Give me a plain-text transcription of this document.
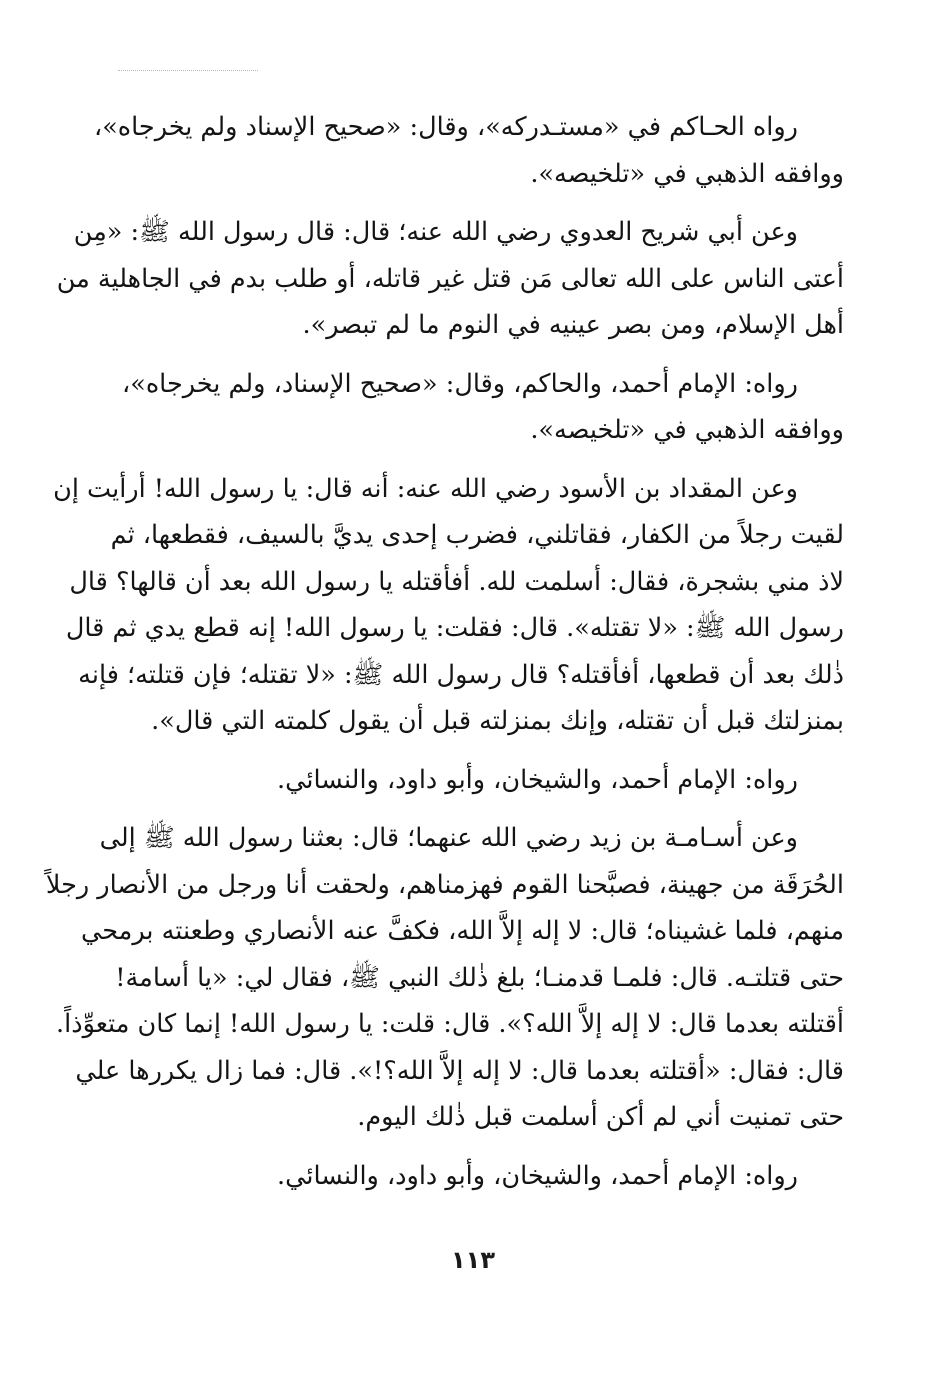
رواه الحـاكم في «مستـدركه»، وقال: «صحيح الإسناد ولم يخرجاه»،
ووافقه الذهبي في «تلخيصه».
وعن أبي شريح العدوي رضي الله عنه؛ قال: قال رسول الله ﷺ: «مِن
أعتى الناس على الله تعالى مَن قتل غير قاتله، أو طلب بدم في الجاهلية من
أهل الإسلام، ومن بصر عينيه في النوم ما لم تبصر».
رواه: الإمام أحمد، والحاكم، وقال: «صحيح الإسناد، ولم يخرجاه»،
ووافقه الذهبي في «تلخيصه».
وعن المقداد بن الأسود رضي الله عنه: أنه قال: يا رسول الله! أرأيت إن
لقيت رجلاً من الكفار، فقاتلني، فضرب إحدى يديَّ بالسيف، فقطعها، ثم
لاذ مني بشجرة، فقال: أسلمت لله. أفأقتله يا رسول الله بعد أن قالها؟ قال
رسول الله ﷺ: «لا تقتله». قال: فقلت: يا رسول الله! إنه قطع يدي ثم قال
ذٰلك بعد أن قطعها، أفأقتله؟ قال رسول الله ﷺ: «لا تقتله؛ فإن قتلته؛ فإنه
بمنزلتك قبل أن تقتله، وإنك بمنزلته قبل أن يقول كلمته التي قال».
رواه: الإمام أحمد، والشيخان، وأبو داود، والنسائي.
وعن أسـامـة بن زيد رضي الله عنهما؛ قال: بعثنا رسول الله ﷺ إلى
الحُرَقَة من جهينة، فصبَّحنا القوم فهزمناهم، ولحقت أنا ورجل من الأنصار رجلاً
منهم، فلما غشيناه؛ قال: لا إله إلاَّ الله، فكفَّ عنه الأنصاري وطعنته برمحي
حتى قتلتـه. قال: فلمـا قدمنـا؛ بلغ ذٰلك النبي ﷺ، فقال لي: «يا أسامة!
أقتلته بعدما قال: لا إله إلاَّ الله؟». قال: قلت: يا رسول الله! إنما كان متعوِّذاً.
قال: فقال: «أقتلته بعدما قال: لا إله إلاَّ الله؟!». قال: فما زال يكررها علي
حتى تمنيت أني لم أكن أسلمت قبل ذٰلك اليوم.
رواه: الإمام أحمد، والشيخان، وأبو داود، والنسائي.
١١٣
